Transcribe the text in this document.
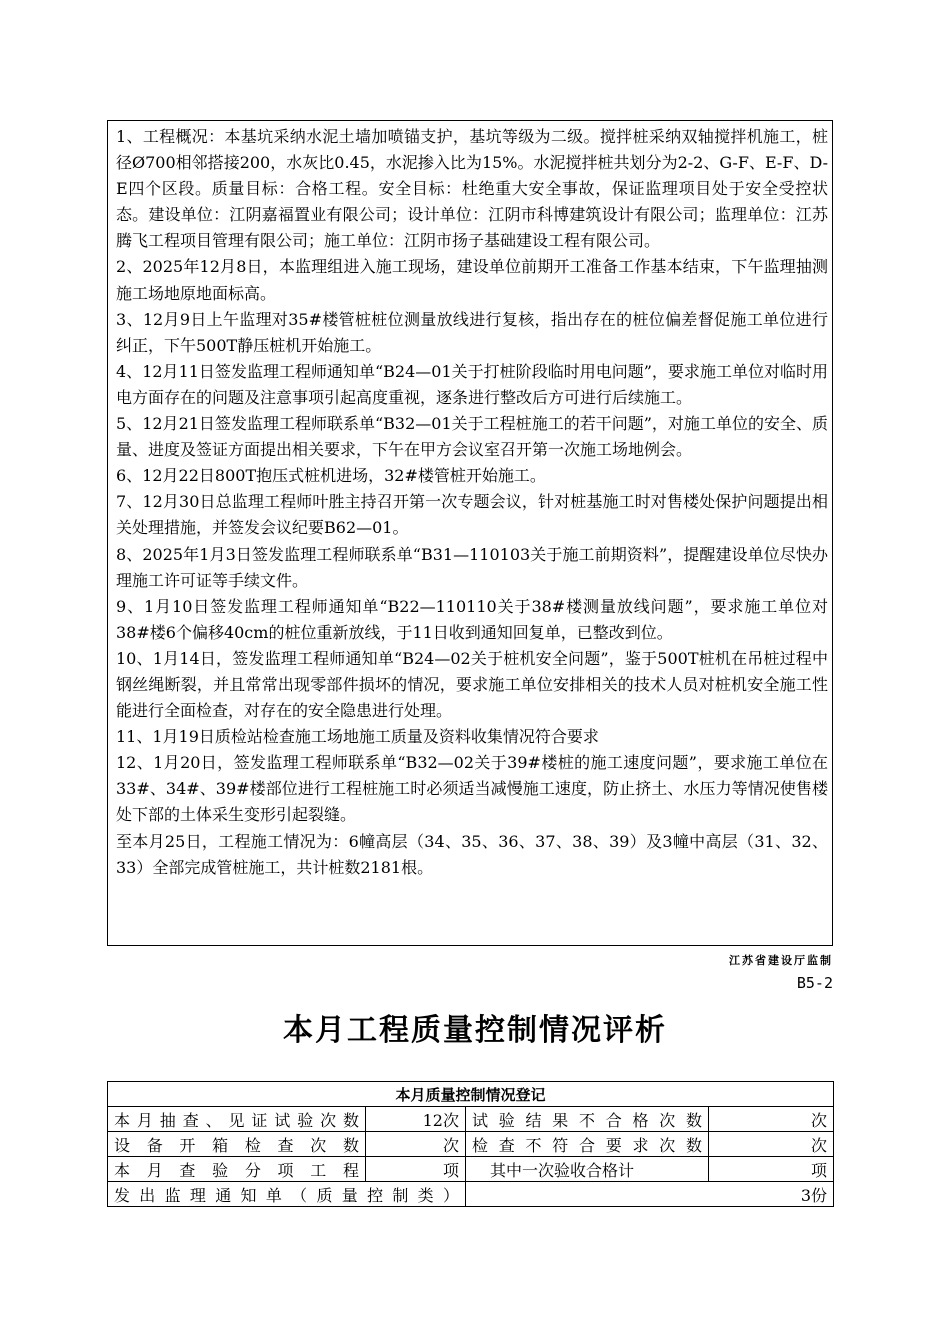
1、工程概况：本基坑采纳水泥土墙加喷锚支护，基坑等级为二级。搅拌桩采纳双轴搅拌机施工，桩径Ø700相邻搭接200，水灰比0.45，水泥掺入比为15%。水泥搅拌桩共划分为2-2、G-F、E-F、D-E四个区段。质量目标：合格工程。安全目标：杜绝重大安全事故，保证监理项目处于安全受控状态。建设单位：江阴嘉福置业有限公司；设计单位：江阴市科博建筑设计有限公司；监理单位：江苏腾飞工程项目管理有限公司；施工单位：江阴市扬子基础建设工程有限公司。

2、2025年12月8日，本监理组进入施工现场，建设单位前期开工准备工作基本结束，下午监理抽测施工场地原地面标高。

3、12月9日上午监理对35#楼管桩桩位测量放线进行复核，指出存在的桩位偏差督促施工单位进行纠正，下午500T静压桩机开始施工。

4、12月11日签发监理工程师通知单“B24—01关于打桩阶段临时用电问题”，要求施工单位对临时用电方面存在的问题及注意事项引起高度重视，逐条进行整改后方可进行后续施工。

5、12月21日签发监理工程师联系单“B32—01关于工程桩施工的若干问题”，对施工单位的安全、质量、进度及签证方面提出相关要求，下午在甲方会议室召开第一次施工场地例会。

6、12月22日800T抱压式桩机进场，32#楼管桩开始施工。

7、12月30日总监理工程师叶胜主持召开第一次专题会议，针对桩基施工时对售楼处保护问题提出相关处理措施，并签发会议纪要B62—01。

8、2025年1月3日签发监理工程师联系单“B31—110103关于施工前期资料”，提醒建设单位尽快办理施工许可证等手续文件。

9、1月10日签发监理工程师通知单“B22—110110关于38#楼测量放线问题”，要求施工单位对38#楼6个偏移40cm的桩位重新放线，于11日收到通知回复单，已整改到位。

10、1月14日，签发监理工程师通知单“B24—02关于桩机安全问题”，鉴于500T桩机在吊桩过程中钢丝绳断裂，并且常常出现零部件损坏的情况，要求施工单位安排相关的技术人员对桩机安全施工性能进行全面检查，对存在的安全隐患进行处理。

11、1月19日质检站检查施工场地施工质量及资料收集情况符合要求

12、1月20日，签发监理工程师联系单“B32—02关于39#楼桩的施工速度问题”，要求施工单位在33#、34#、39#楼部位进行工程桩施工时必须适当减慢施工速度，防止挤土、水压力等情况使售楼处下部的土体采生变形引起裂缝。

至本月25日，工程施工情况为：6幢高层（34、35、36、37、38、39）及3幢中高层（31、32、33）全部完成管桩施工，共计桩数2181根。

江苏省建设厅监制
B5-2
本月工程质量控制情况评析
本月质量控制情况登记			
本月抽查、见证试验次数	12次	试验结果不合格次数	次
设备开箱检查次数	次	检查不符合要求次数	次
本月查验分项工程	项	其中一次验收合格计	项
发出监理通知单（质量控制类）		3份	
